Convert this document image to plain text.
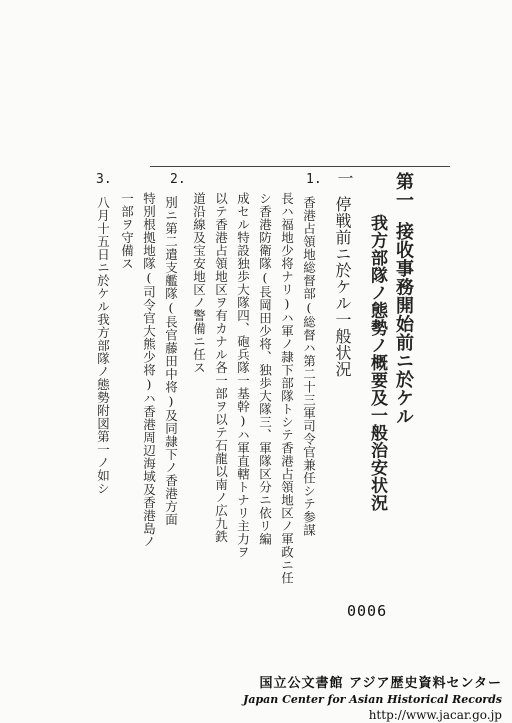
第一
接收事務開始前ニ於ケル
我方部隊ノ態勢ノ概要及一般治安状況
一
停戦前ニ於ケル一般状況
1.
香港占領地総督部(総督ハ第二十三軍司令官兼任シテ参謀
長ハ福地少将ナリ)ハ軍ノ隷下部隊トシテ香港占領地区ノ軍政ニ任
シ香港防衛隊(長岡田少将、独歩大隊三、軍隊区分ニ依リ編
成セル特設独歩大隊四、砲兵隊一基幹)ハ軍直轄トナリ主力ヲ
以テ香港占領地区ヲ有カナル各一部ヲ以テ石龍以南ノ広九鉄
道沿線及宝安地区ノ警備ニ任ス
2.
別ニ第二遣支艦隊(長官藤田中将)及同隷下ノ香港方面
特別根拠地隊(司令官大熊少将)ハ香港周辺海域及香港島ノ
一部ヲ守備ス
3.
八月十五日ニ於ケル我方部隊ノ態勢附図第一ノ如シ
0006
国立公文書館 アジア歴史資料センター
Japan Center for Asian Historical Records
http://www.jacar.go.jp
